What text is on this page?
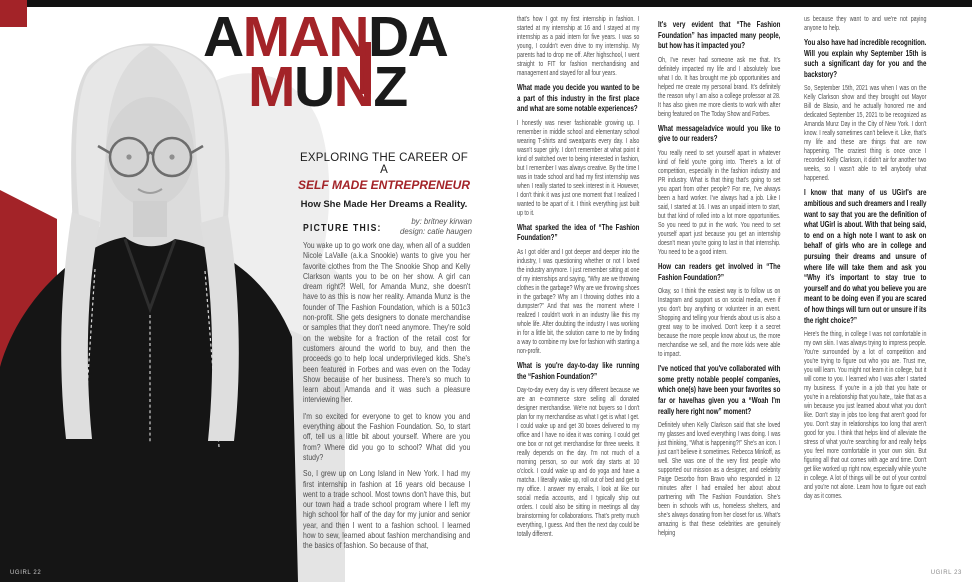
AMANDA
MUNZ
EXPLORING THE CAREER OF A
SELF MADE ENTREPRENEUR
How She Made Her Dreams a Reality.
by: britney kirwan
design: catie haugen
PICTURE THIS:
You wake up to go work one day, when all of a sudden Nicole LaValle (a.k.a Snookie) wants to give you her favorite clothes from the The Snookie Shop and Kelly Clarkson wants you to be on her show. A girl can dream right?! Well, for Amanda Munz, she doesn't have to as this is now her reality. Amanda Munz is the founder of The Fashion Foundation, which is a 501c3 non-profit. She gets designers to donate merchandise or samples that they don't need anymore. They're sold on the website for a fraction of the retail cost for customers around the world to buy, and then the proceeds go to help local underprivileged kids. She's been featured in Forbes and was even on the Today Show because of her business. There's so much to learn about Amanda and it was such a pleasure interviewing her.
I'm so excited for everyone to get to know you and everything about the Fashion Foundation. So, to start off, tell us a little bit about yourself. Where are you from? Where did you go to school? What did you study?
So, I grew up on Long Island in New York. I had my first internship in fashion at 16 years old because I went to a trade school. Most towns don't have this, but our town had a trade school program where I left my high school for half of the day for my junior and senior year, and then I went to a fashion school. I learned how to sew, learned about fashion merchandising and the basics of fashion. So because of that,
that's how I got my first internship in fashion. I started at my internship at 16 and I stayed at my internship as a paid intern for five years. I was so young, I couldn't even drive to my internship. My parents had to drop me off. After highschool, I went straight to FIT for fashion merchandising and management and stayed for all four years.
What made you decide you wanted to be a part of this industry in the first place and what are some notable experiences?
I honestly was never fashionable growing up. I remember in middle school and elementary school wearing T-shirts and sweatpants every day. I also wasn't super girly. I don't remember at what point it kind of switched over to being interested in fashion, but I remember I was always creative. By the time I was in trade school and had my first internship was when I really started to seek interest in it. However, I don't think it was just one moment that I realized I wanted to be apart of it. I think everything just built up to it.
What sparked the idea of “The Fashion Foundation?”
As I got older and I got deeper and deeper into the industry, I was questioning whether or not I loved the industry anymore. I just remember sitting at one of my internships and saying, “Why are we throwing clothes in the garbage? Why are we throwing shoes in the garbage? Why am I throwing clothes into a dumpster?” And that was the moment where I realized I couldn't work in an industry like this my whole life. After doubting the industry I was working in for a little bit, the solution came to me by finding a way to combine my love for fashion with starting a non-profit.
What is you're day-to-day like running the “Fashion Foundation?”
Day-to-day every day is very different because we are an e-commerce store selling all donated designer merchandise. We're not buyers so I don't plan for my merchandise as what I get is what I get. I could wake up and get 30 boxes delivered to my office and I have no idea it was coming. I could get one box or not get merchandise for three weeks. It really depends on the day. I'm not much of a morning person, so our work day starts at 10 o'clock. I could wake up and do yoga and have a matcha. I literally wake up, roll out of bed and get to my office. I answer my emails, I look at like our social media accounts, and I typically ship out orders. I could also be sitting in meetings all day brainstorming for collaborations. That's pretty much everything, I guess. And then the next day could be totally different.
It's very evident that “The Fashion Foundation” has impacted many people, but how has it impacted you?
Oh, I've never had someone ask me that. It's definitely impacted my life and I absolutely love what I do. It has brought me job opportunities and helped me create my personal brand. It's definitely the reason why I am also a college professor at 28. It has also given me more clients to work with after being featured on The Today Show and Forbes.
What message/advice would you like to give to our readers?
You really need to set yourself apart in whatever kind of field you're going into. There's a lot of competition, especially in the fashion industry and PR industry. What is that thing that's going to set you apart from other people? For me, I've always been a hard worker. I've always had a job. Like I said, I started at 16. I was an unpaid intern to start, but that kind of rolled into a lot more opportunities. So you need to put in the work. You need to set yourself apart just because you get an internship doesn't mean you're going to last in that internship. You need to be a good intern.
How can readers get involved in “The Fashion Foundation?”
Okay, so I think the easiest way is to follow us on Instagram and support us on social media, even if you don't buy anything or volunteer in an event. Shopping and telling your friends about us is also a great way to be involved. Don't keep it a secret because the more people know about us, the more merchandise we sell, and the more kids were able to impact.
I've noticed that you've collaborated with some pretty notable people/ companies, which one(s) have been your favorites so far or have/has given you a “Woah I'm really here right now” moment?
Definitely when Kelly Clarkson said that she loved my glasses and loved everything I was doing. I was just thinking, “What is happening?!” She's an icon. I just can't believe it sometimes. Rebecca Minkoff, as well. She was one of the very first people who supported our mission as a designer, and celebrity Paige Desorbo from Bravo who responded in 12 minutes after I had emailed her about about partnering with The Fashion Foundation. She's been in schools with us, homeless shelters, and she's always donating from her closet for us. What's amazing is that these celebrities are genuinely helping
us because they want to and we're not paying anyone to help.
You also have had incredible recognition. Will you explain why September 15th is such a significant day for you and the backstory?
So, September 15th, 2021 was when I was on the Kelly Clarkson show and they brought out Mayor Bill de Blasio, and he actually honored me and dedicated September 15, 2021 to be recognized as Amanda Munz Day in the City of New York. I don't know. I really sometimes can't believe it. Like, that's my life and these are things that are now happening. The craziest thing is once once I recorded Kelly Clarkson, it didn't air for another two weeks, so I wasn't able to tell anybody what happened.
I know that many of us UGirl's are ambitious and such dreamers and I really want to say that you are the definition of what UGirl is about. With that being said, to end on a high note I want to ask on behalf of girls who are in college and pursuing their dreams and unsure of where life will take them and ask you “Why it's important to stay true to yourself and do what you believe you are meant to be doing even if you are scared of how things will turn out or unsure if its the right choice?”
Here's the thing, in college I was not comfortable in my own skin. I was always trying to impress people. You're surrounded by a lot of competition and you're trying to figure out who you are. Trust me, you will learn. You might not learn it in college, but it will come to you. I learned who I was after I started my business. If you're in a job that you hate or you're in a relationship that you hate,, take that as a win because you just learned about what you don't like. Don't stay in jobs too long that aren't good for you. Don't stay in relationships too long that aren't good for you. I think that helps kind of alleviate the stress of what you're searching for and really helps you feel more comfortable in your own skin. But figuring all that out comes with age and time. Don't get like worked up right now, especially while you're in college. A lot of things will be out of your control and you're not alone. Learn how to figure out each day as it comes.
UGIRL 22	UGIRL 23
